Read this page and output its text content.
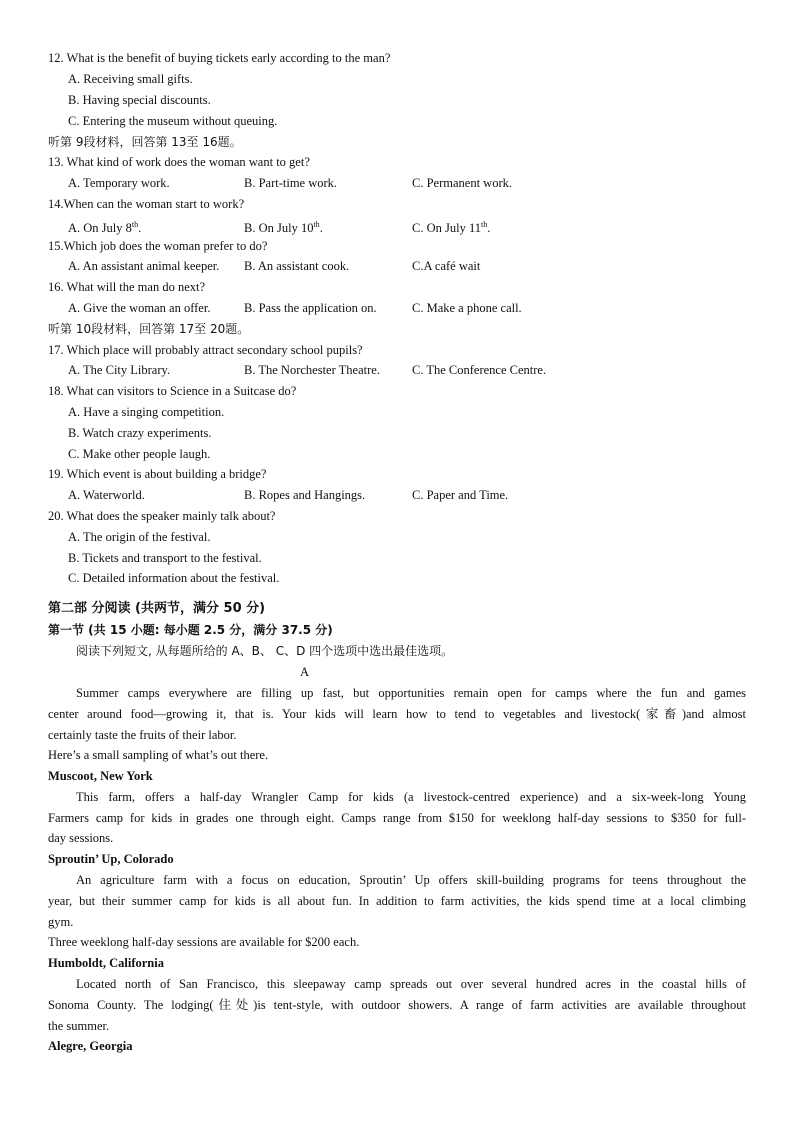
12. What is the benefit of buying tickets early according to the man?
A. Receiving small gifts.
B. Having special discounts.
C. Entering the museum without queuing.
听第 9段材料，回答第 13至 16题。
13. What kind of work does the woman want to get?
A. Temporary work.	B. Part-time work.	C. Permanent work.
14.When can the woman start to work?
A. On July 8th.	B. On July 10th.	C. On July 11th.
15.Which job does the woman prefer to do?
A. An assistant animal keeper. B. An assistant cook.	C.A café wait
16. What will the man do next?
A. Give the woman an offer.	B. Pass the application on.	C. Make a phone call.
听第 10段材料，回答第 17至 20题。
17. Which place will probably attract secondary school pupils?
A. The City Library.	B. The Norchester Theatre.	C. The Conference Centre.
18. What can visitors to Science in a Suitcase do?
A. Have a singing competition.
B. Watch crazy experiments.
C. Make other people laugh.
19. Which event is about building a bridge?
A. Waterworld.	B. Ropes and Hangings.	C. Paper and Time.
20. What does the speaker mainly talk about?
A. The origin of the festival.
B. Tickets and transport to the festival.
C. Detailed information about the festival.
第二部 分阅读 (共两节，满分 50 分)
第一节 (共 15 小题: 每小题 2.5 分，满分 37.5 分)
阅读下列短文, 从每题所给的 A、B、 C、D 四个选项中选出最佳选项。
A
Summer camps everywhere are filling up fast, but opportunities remain open for camps where the fun and games
center around food—growing it, that is. Your kids will learn how to tend to vegetables and livestock(家畜)and almost
certainly taste the fruits of their labor.
Here’s a small sampling of what’s out there.
Muscoot, New York
This farm, offers a half-day Wrangler Camp for kids (a livestock-centred experience) and a six-week-long Young
Farmers camp for kids in grades one through eight. Camps range from $150 for weeklong half-day sessions to $350 for full-
day sessions.
Sproutin’ Up, Colorado
An agriculture farm with a focus on education, Sproutin’ Up offers skill-building programs for teens throughout the
year, but their summer camp for kids is all about fun. In addition to farm activities, the kids spend time at a local climbing
gym.
Three weeklong half-day sessions are available for $200 each.
Humboldt, California
Located north of San Francisco, this sleepaway camp spreads out over several hundred acres in the coastal hills of
Sonoma County. The lodging(住处)is tent-style, with outdoor showers. A range of farm activities are available throughout
the summer.
Alegre, Georgia
